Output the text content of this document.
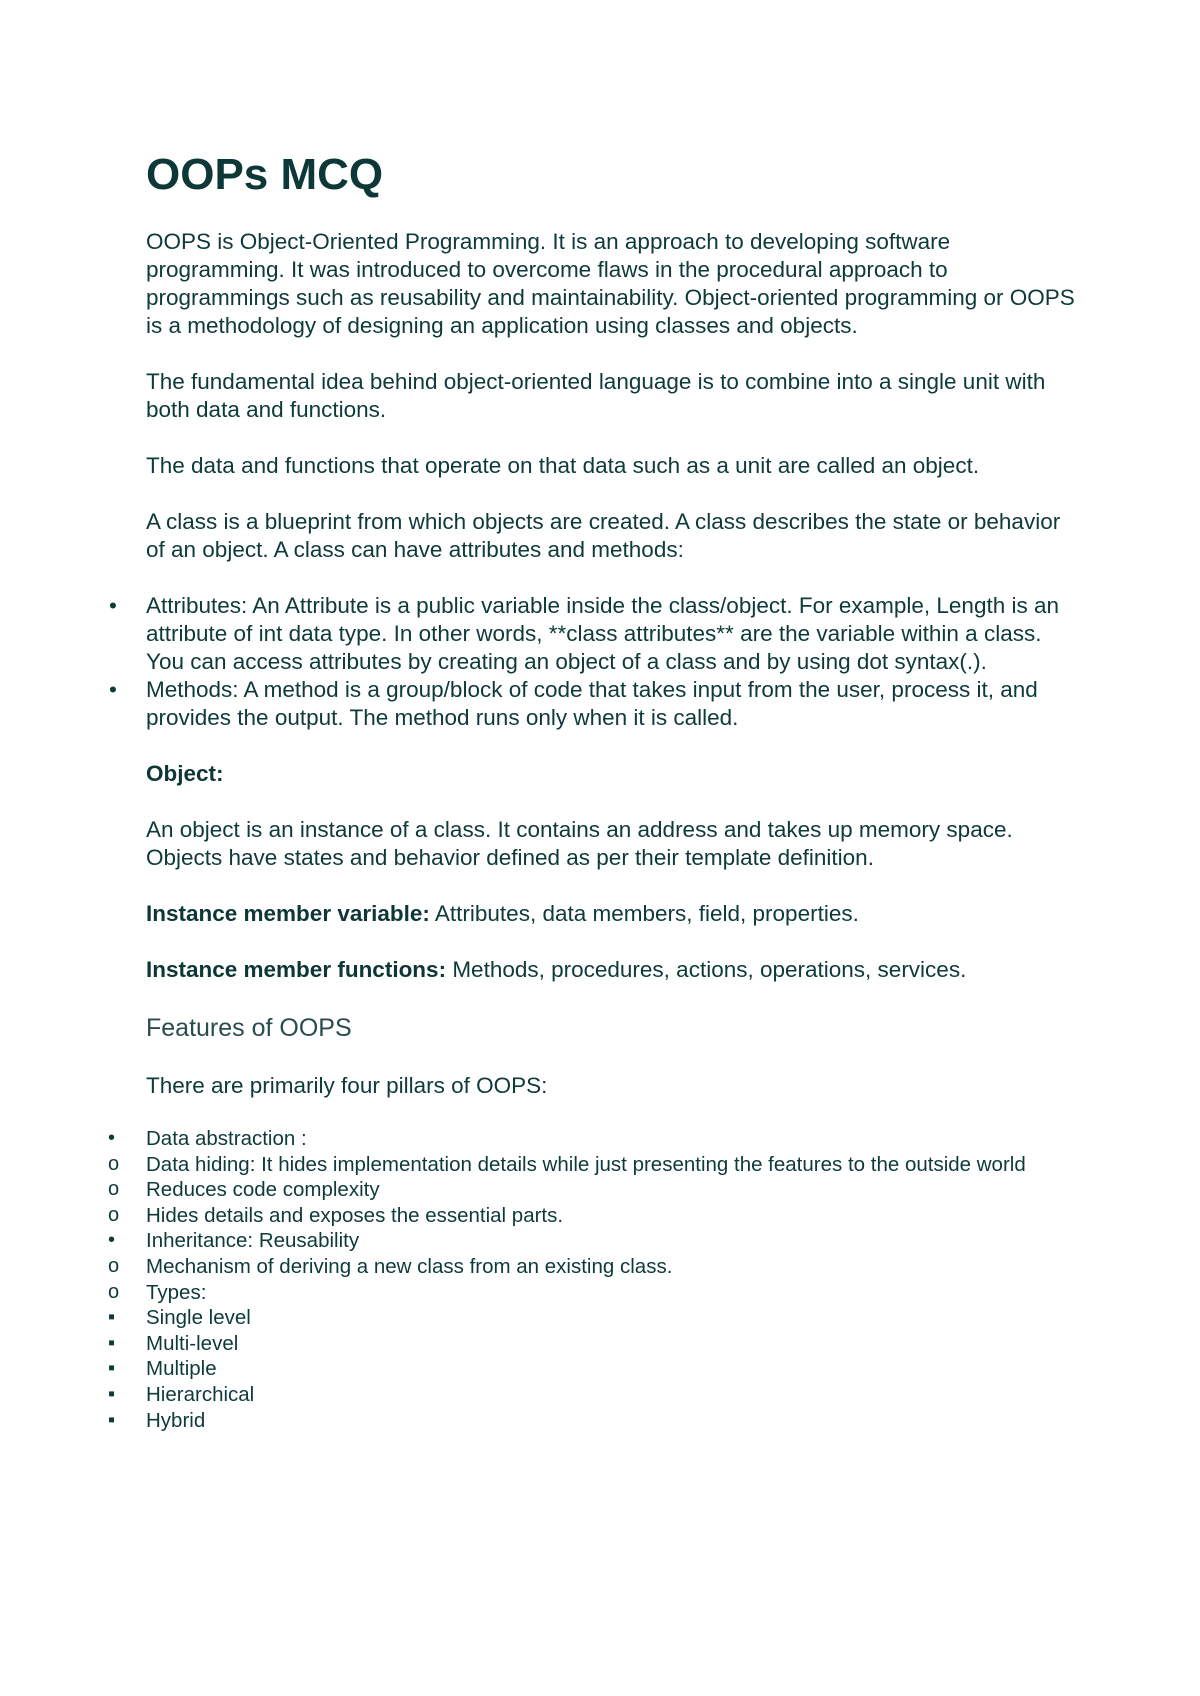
OOPs MCQ

OOPS is Object-Oriented Programming. It is an approach to developing software programming. It was introduced to overcome flaws in the procedural approach to programmings such as reusability and maintainability. Object-oriented programming or OOPS is a methodology of designing an application using classes and objects.

The fundamental idea behind object-oriented language is to combine into a single unit with both data and functions.

The data and functions that operate on that data such as a unit are called an object.

A class is a blueprint from which objects are created. A class describes the state or behavior of an object. A class can have attributes and methods:

• Attributes: An Attribute is a public variable inside the class/object. For example, Length is an attribute of int data type. In other words, **class attributes** are the variable within a class. You can access attributes by creating an object of a class and by using dot syntax(.).
• Methods: A method is a group/block of code that takes input from the user, process it, and provides the output. The method runs only when it is called.

Object:

An object is an instance of a class. It contains an address and takes up memory space. Objects have states and behavior defined as per their template definition.

Instance member variable: Attributes, data members, field, properties.

Instance member functions: Methods, procedures, actions, operations, services.

Features of OOPS

There are primarily four pillars of OOPS:

• Data abstraction :
o Data hiding: It hides implementation details while just presenting the features to the outside world
o Reduces code complexity
o Hides details and exposes the essential parts.
• Inheritance: Reusability
o Mechanism of deriving a new class from an existing class.
o Types:
▪ Single level
▪ Multi-level
▪ Multiple
▪ Hierarchical
▪ Hybrid
